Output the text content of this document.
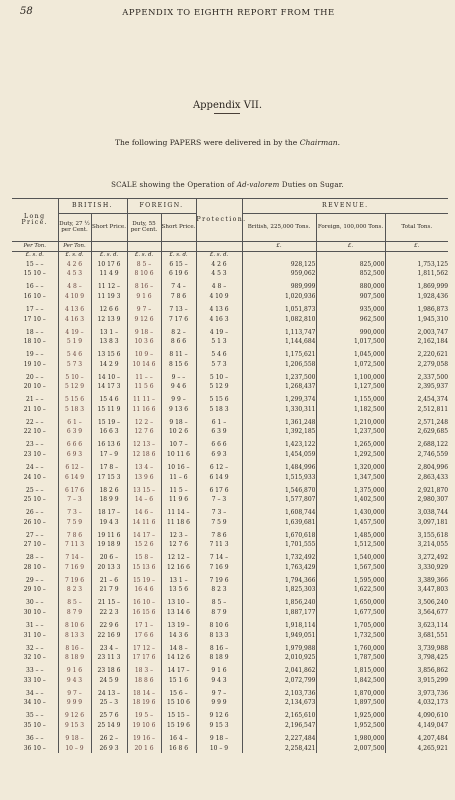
58	APPENDIX TO EIGHTH REPORT FROM THE
Appendix VII.
The following PAPERS were delivered in by the Chairman.
SCALE showing the Operation of Ad-valorem Duties on Sugar.
Long Price.	BRITISH.		FOREIGN.		Protection.	REVENUE.		
	Duty, 27 ½ per Cent.	Short Price.	Duty, 55 per Cent.	Short Price.		British, 225,000 Tons.	Foreign, 100,000 Tons.	Total Tons.
Per Ton.	Per Ton.					£.	£.	£.
£. s. d.	£. s. d.	£. s. d.	£. s. d.	£. s. d.	£. s. d.			
15 – –	4 2 6	10 17 6	8 5 –	6 15 –	4 2 6	928,125	825,000	1,753,125
15 10 –	4 5 3	11 4 9	8 10 6	6 19 6	4 5 3	959,062	852,500	1,811,562

16 – –	4 8 –	11 12 –	8 16 –	7 4 –	4 8 –	989,999	880,000	1,869,999
16 10 –	4 10 9	11 19 3	9 1 6	7 8 6	4 10 9	1,020,936	907,500	1,928,436

17 – –	4 13 6	12 6 6	9 7 –	7 13 –	4 13 6	1,051,873	935,000	1,986,873
17 10 –	4 16 3	12 13 9	9 12 6	7 17 6	4 16 3	1,082,810	962,500	1,945,310

18 – –	4 19 –	13 1 –	9 18 –	8 2 –	4 19 –	1,113,747	990,000	2,003,747
18 10 –	5 1 9	13 8 3	10 3 6	8 6 6	5 1 3	1,144,684	1,017,500	2,162,184

19 – –	5 4 6	13 15 6	10 9 –	8 11 –	5 4 6	1,175,621	1,045,000	2,220,621
19 10 –	5 7 3	14 2 9	10 14 6	8 15 6	5 7 3	1,206,558	1,072,500	2,279,058

20 – –	5 10 –	14 10 –	11 – –	9 – –	5 10 –	1,237,500	1,100,000	2,337,500
20 10 –	5 12 9	14 17 3	11 5 6	9 4 6	5 12 9	1,268,437	1,127,500	2,395,937

21 – –	5 15 6	15 4 6	11 11 –	9 9 –	5 15 6	1,299,374	1,155,000	2,454,374
21 10 –	5 18 3	15 11 9	11 16 6	9 13 6	5 18 3	1,330,311	1,182,500	2,512,811

22 – –	6 1 –	15 19 –	12 2 –	9 18 –	6 1 –	1,361,248	1,210,000	2,571,248
22 10 –	6 3 9	16 6 3	12 7 6	10 2 6	6 3 9	1,392,185	1,237,500	2,629,685

23 – –	6 6 6	16 13 6	12 13 –	10 7 –	6 6 6	1,423,122	1,265,000	2,688,122
23 10 –	6 9 3	17 – 9	12 18 6	10 11 6	6 9 3	1,454,059	1,292,500	2,746,559

24 – –	6 12 –	17 8 –	13 4 –	10 16 –	6 12 –	1,484,996	1,320,000	2,804,996
24 10 –	6 14 9	17 15 3	13 9 6	11 – 6	6 14 9	1,515,933	1,347,500	2,863,433

25 – –	6 17 6	18 2 6	13 15 –	11 5 –	6 17 6	1,546,870	1,375,000	2,921,870
25 10 –	7 – 3	18 9 9	14 – 6	11 9 6	7 – 3	1,577,807	1,402,500	2,980,307

26 – –	7 3 –	18 17 –	14 6 –	11 14 –	7 3 –	1,608,744	1,430,000	3,038,744
26 10 –	7 5 9	19 4 3	14 11 6	11 18 6	7 5 9	1,639,681	1,457,500	3,097,181

27 – –	7 8 6	19 11 6	14 17 –	12 3 –	7 8 6	1,670,618	1,485,000	3,155,618
27 10 –	7 11 3	19 18 9	15 2 6	12 7 6	7 11 3	1,701,555	1,512,500	3,214,055

28 – –	7 14 –	20 6 –	15 8 –	12 12 –	7 14 –	1,732,492	1,540,000	3,272,492
28 10 –	7 16 9	20 13 3	15 13 6	12 16 6	7 16 9	1,763,429	1,567,500	3,330,929

29 – –	7 19 6	21 – 6	15 19 –	13 1 –	7 19 6	1,794,366	1,595,000	3,389,366
29 10 –	8 2 3	21 7 9	16 4 6	13 5 6	8 2 3	1,825,303	1,622,500	3,447,803

30 – –	8 5 –	21 15 –	16 10 –	13 10 –	8 5 –	1,856,240	1,650,000	3,506,240
30 10 –	8 7 9	22 2 3	16 15 6	13 14 6	8 7 9	1,887,177	1,677,500	3,564,677

31 – –	8 10 6	22 9 6	17 1 –	13 19 –	8 10 6	1,918,114	1,705,000	3,623,114
31 10 –	8 13 3	22 16 9	17 6 6	14 3 6	8 13 3	1,949,051	1,732,500	3,681,551

32 – –	8 16 –	23 4 –	17 12 –	14 8 –	8 16 –	1,979,988	1,760,000	3,739,988
32 10 –	8 18 9	23 11 3	17 17 6	14 12 6	8 18 9	2,010,925	1,787,500	3,798,425

33 – –	9 1 6	23 18 6	18 3 –	14 17 –	9 1 6	2,041,862	1,815,000	3,856,862
33 10 –	9 4 3	24 5 9	18 8 6	15 1 6	9 4 3	2,072,799	1,842,500	3,915,299

34 – –	9 7 –	24 13 –	18 14 –	15 6 –	9 7 –	2,103,736	1,870,000	3,973,736
34 10 –	9 9 9	25 – 3	18 19 6	15 10 6	9 9 9	2,134,673	1,897,500	4,032,173

35 – –	9 12 6	25 7 6	19 5 –	15 15 –	9 12 6	2,165,610	1,925,000	4,090,610
35 10 –	9 15 3	25 14 9	19 10 6	15 19 6	9 15 3	2,196,547	1,952,500	4,149,047

36 – –	9 18 –	26 2 –	19 16 –	16 4 –	9 18 –	2,227,484	1,980,000	4,207,484
36 10 –	10 – 9	26 9 3	20 1 6	16 8 6	10 – 9	2,258,421	2,007,500	4,265,921
